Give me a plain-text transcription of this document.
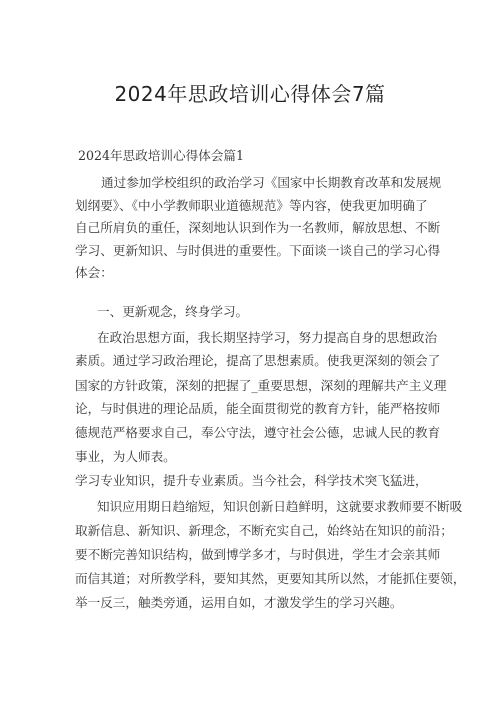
2024年思政培训心得体会7篇
2024年思政培训心得体会篇1
通过参加学校组织的政治学习《国家中长期教育改革和发展规
划纲要》、《中小学教师职业道德规范》等内容，使我更加明确了
自己所肩负的重任，深刻地认识到作为一名教师，解放思想、不断
学习、更新知识、与时俱进的重要性。下面谈一谈自己的学习心得
体会：
一、更新观念，终身学习。
在政治思想方面，我长期坚持学习，努力提高自身的思想政治
素质。通过学习政治理论，提高了思想素质。使我更深刻的领会了
国家的方针政策，深刻的把握了_重要思想，深刻的理解共产主义理
论，与时俱进的理论品质，能全面贯彻党的教育方针，能严格按师
德规范严格要求自己，奉公守法，遵守社会公德，忠诚人民的教育
事业，为人师表。
学习专业知识，提升专业素质。当今社会，科学技术突飞猛进，
知识应用期日趋缩短，知识创新日趋鲜明，这就要求教师要不断吸
取新信息、新知识、新理念，不断充实自己，始终站在知识的前沿；
要不断完善知识结构，做到博学多才，与时俱进，学生才会亲其师
而信其道；对所教学科，要知其然，更要知其所以然，才能抓住要领，
举一反三，触类旁通，运用自如，才激发学生的学习兴趣。
